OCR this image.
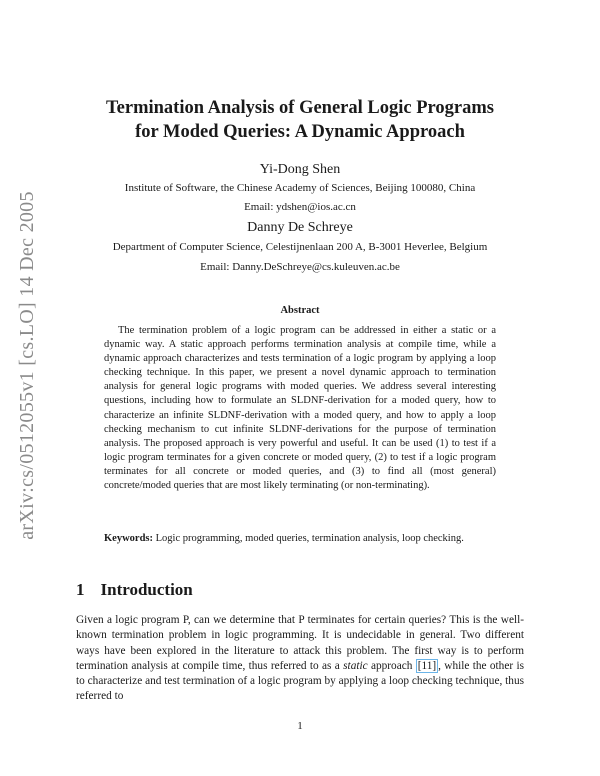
arXiv:cs/0512055v1 [cs.LO] 14 Dec 2005
Termination Analysis of General Logic Programs
for Moded Queries: A Dynamic Approach
Yi-Dong Shen
Institute of Software, the Chinese Academy of Sciences, Beijing 100080, China
Email: ydshen@ios.ac.cn
Danny De Schreye
Department of Computer Science, Celestijnenlaan 200 A, B-3001 Heverlee, Belgium
Email: Danny.DeSchreye@cs.kuleuven.ac.be
Abstract
The termination problem of a logic program can be addressed in either a static or a dynamic way. A static approach performs termination analysis at compile time, while a dynamic approach characterizes and tests termination of a logic program by applying a loop checking technique. In this paper, we present a novel dynamic approach to termination analysis for general logic programs with moded queries. We address several interesting questions, including how to formulate an SLDNF-derivation for a moded query, how to characterize an infinite SLDNF-derivation with a moded query, and how to apply a loop checking mechanism to cut infinite SLDNF-derivations for the purpose of termination analysis. The proposed approach is very powerful and useful. It can be used (1) to test if a logic program terminates for a given concrete or moded query, (2) to test if a logic program terminates for all concrete or moded queries, and (3) to find all (most general) concrete/moded queries that are most likely terminating (or non-terminating).
Keywords: Logic programming, moded queries, termination analysis, loop checking.
1 Introduction
Given a logic program P, can we determine that P terminates for certain queries? This is the well-known termination problem in logic programming. It is undecidable in general. Two different ways have been explored in the literature to attack this problem. The first way is to perform termination analysis at compile time, thus referred to as a static approach [11] , while the other is to characterize and test termination of a logic program by applying a loop checking technique, thus referred to
1
